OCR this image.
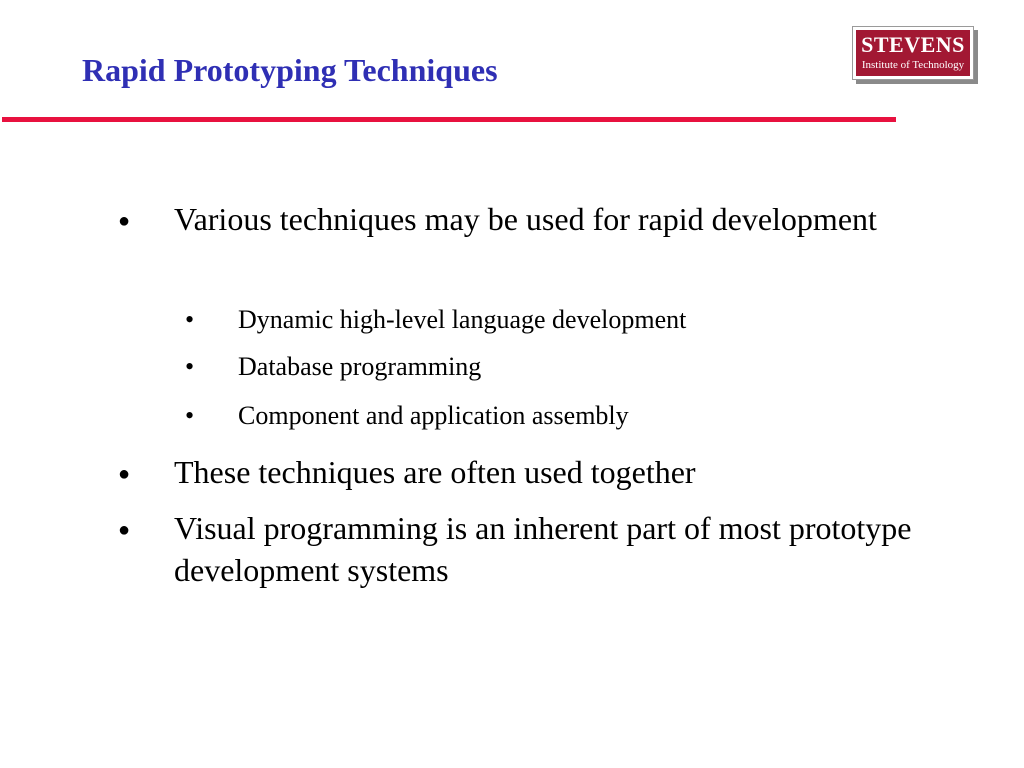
Rapid Prototyping Techniques
STEVENS
Institute of Technology
● Various techniques may be used for rapid development
• Dynamic high-level language development
• Database programming
• Component and application assembly
● These techniques are often used together
● Visual programming is an inherent part of most prototype development systems
